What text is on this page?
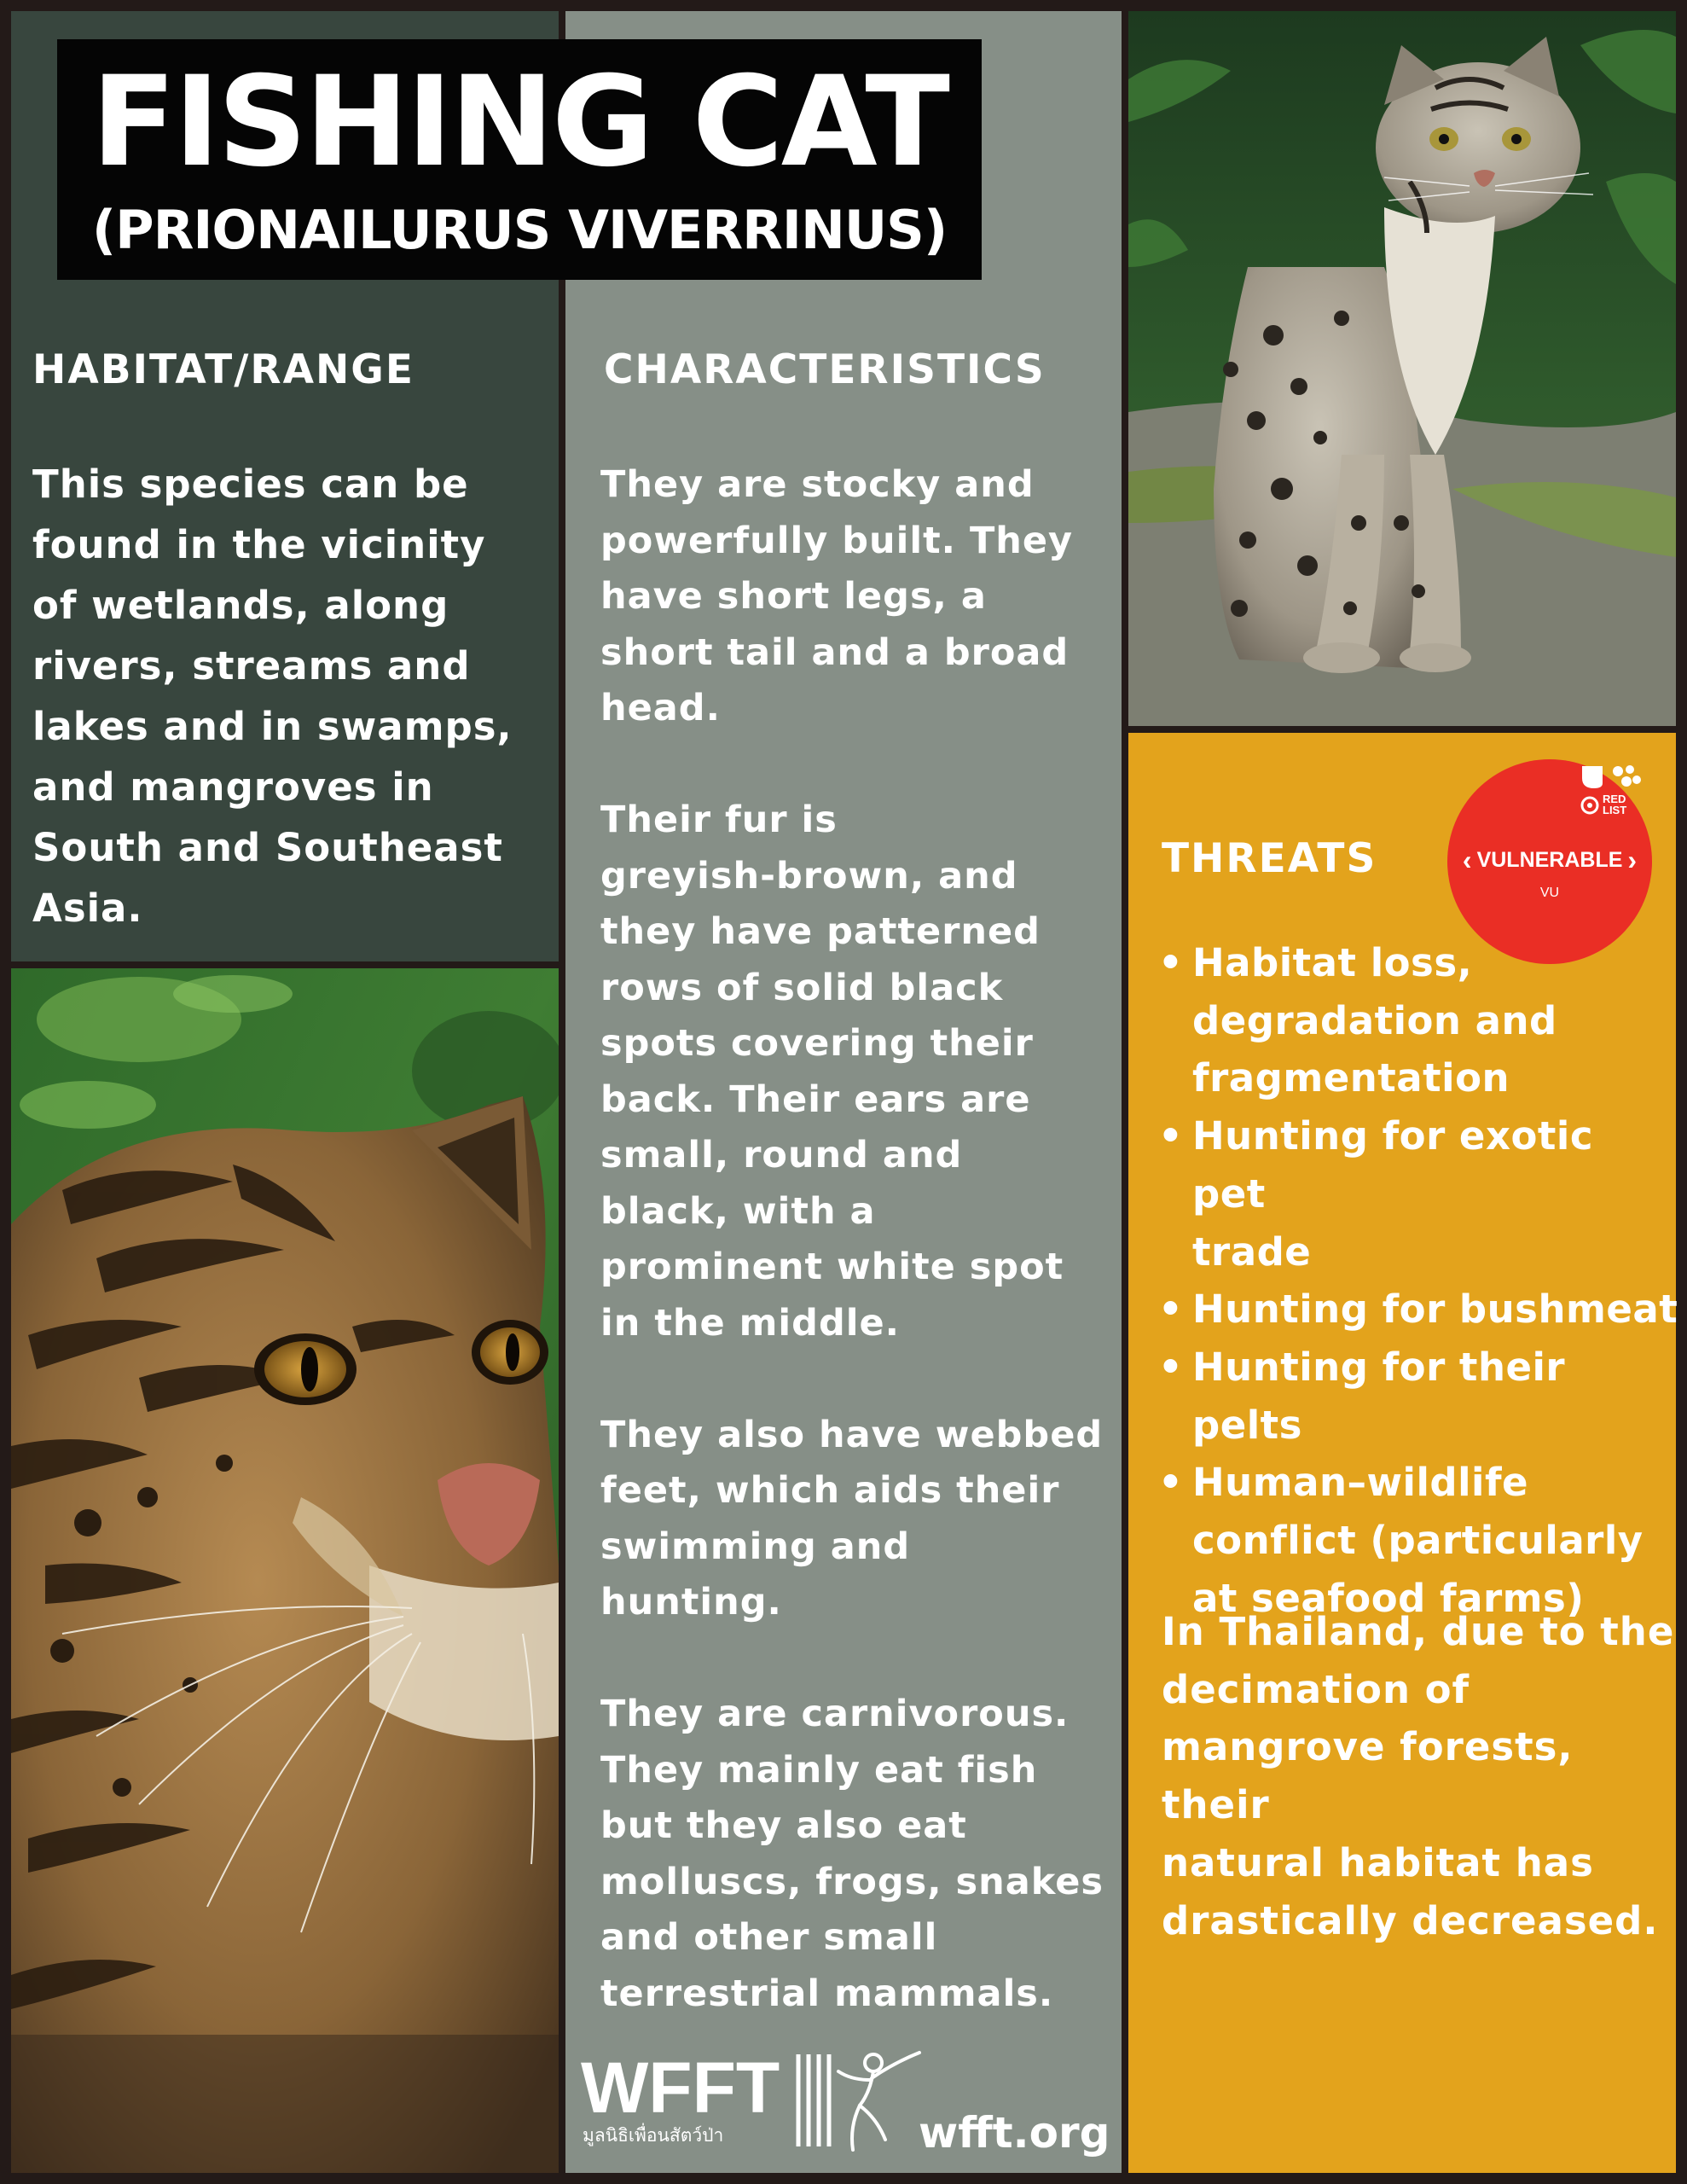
FISHING CAT
(PRIONAILURUS VIVERRINUS)
HABITAT/RANGE
This species can be
found in the vicinity
of wetlands, along
rivers, streams and
lakes and in swamps,
and mangroves in
South and Southeast
Asia.
CHARACTERISTICS
They are stocky and
powerfully built. They
have short legs, a
short tail and a broad
head.
Their fur is
greyish-brown, and
they have patterned
rows of solid black
spots covering their
back. Their ears are
small, round and
black, with a
prominent white spot
in the middle.
They also have webbed
feet, which aids their
swimming and
hunting.
They are carnivorous.
They mainly eat fish
but they also eat
molluscs, frogs, snakes
and other small
terrestrial mammals.
THREATS
• Habitat loss,
degradation and
fragmentation
• Hunting for exotic pet
trade
• Hunting for bushmeat
• Hunting for their
pelts
• Human–wildlife
conflict (particularly
at seafood farms)
In Thailand, due to the
decimation of
mangrove forests, their
natural habitat has
drastically decreased.
RED LIST
‹ VULNERABLE ›
VU
WFFT
มูลนิธิเพื่อนสัตว์ป่า	wfft.org
